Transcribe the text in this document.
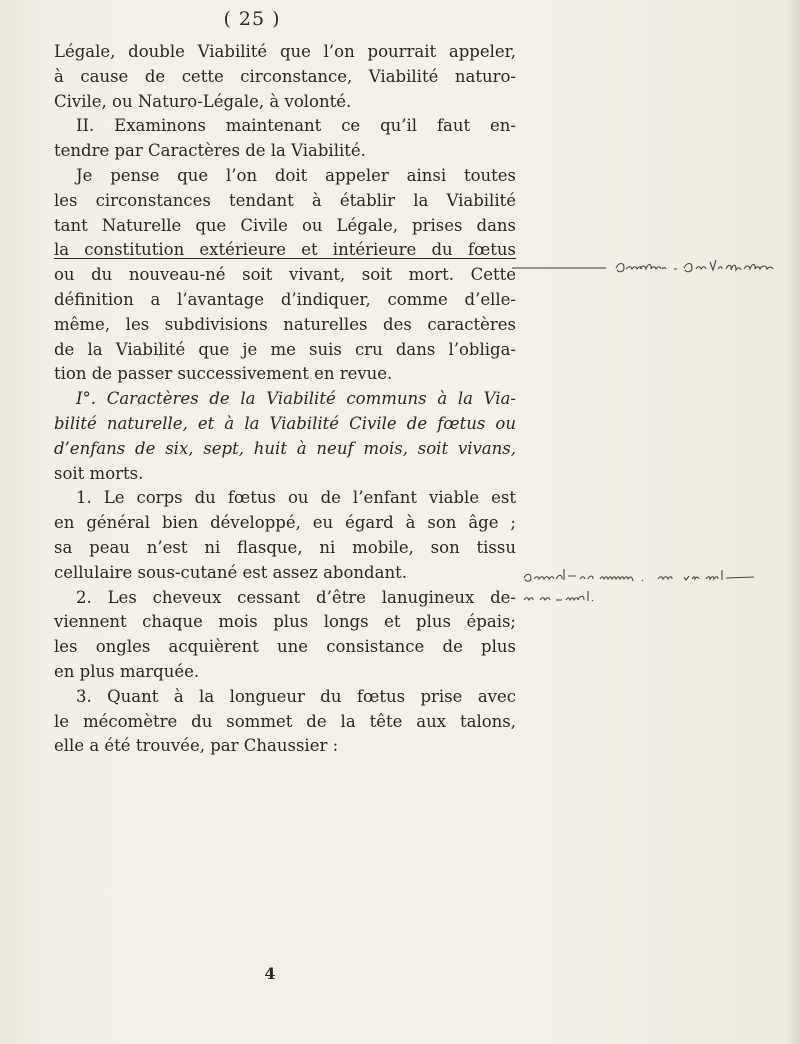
( 25 )

Légale, double Viabilité que l’on pourrait appeler,
à cause de cette circonstance, Viabilité naturo-
Civile, ou Naturo-Légale, à volonté.

II. Examinons maintenant ce qu’il faut en-
tendre par Caractères de la Viabilité.

Je pense que l’on doit appeler ainsi toutes
les circonstances tendant à établir la Viabilité
tant Naturelle que Civile ou Légale, prises dans
la constitution extérieure et intérieure du fœtus
ou du nouveau-né soit vivant, soit mort. Cette
définition a l’avantage d’indiquer, comme d’elle-
même, les subdivisions naturelles des caractères
de la Viabilité que je me suis cru dans l’obliga-
tion de passer successivement en revue.

I°. Caractères de la Viabilité communs à la Via-
bilité naturelle, et à la Viabilité Civile de fœtus ou
d’enfans de six, sept, huit à neuf mois, soit vivans,
soit morts.

1. Le corps du fœtus ou de l’enfant viable est
en général bien développé, eu égard à son âge ;
sa peau n’est ni flasque, ni mobile, son tissu
cellulaire sous-cutané est assez abondant.

2. Les cheveux cessant d’être lanugineux de-
viennent chaque mois plus longs et plus épais;
les ongles acquièrent une consistance de plus
en plus marquée.

3. Quant à la longueur du fœtus prise avec
le mécomètre du sommet de la tête aux talons,
elle a été trouvée, par Chaussier :

4
